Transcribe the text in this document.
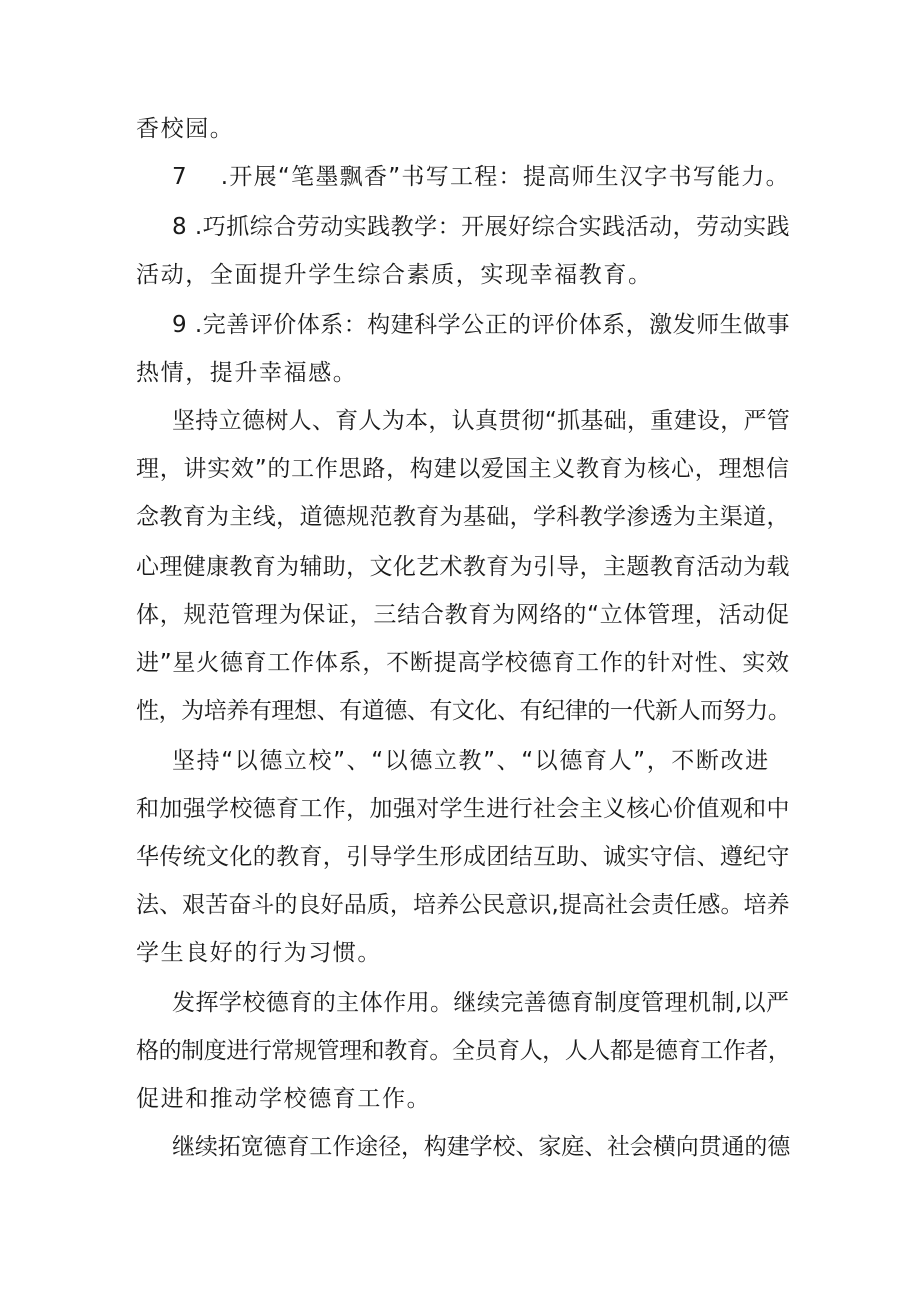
香校园。
7　 .开展“笔墨飘香”书写工程：提高师生汉字书写能力。
8 .巧抓综合劳动实践教学：开展好综合实践活动，劳动实践
活动，全面提升学生综合素质，实现幸福教育。
9 .完善评价体系：构建科学公正的评价体系，激发师生做事
热情，提升幸福感。
坚持立德树人、育人为本，认真贯彻“抓基础，重建设，严管
理，讲实效”的工作思路，构建以爱国主义教育为核心，理想信
念教育为主线，道德规范教育为基础，学科教学渗透为主渠道，
心理健康教育为辅助，文化艺术教育为引导，主题教育活动为载
体，规范管理为保证，三结合教育为网络的“立体管理，活动促
进”星火德育工作体系，不断提高学校德育工作的针对性、实效
性，为培养有理想、有道德、有文化、有纪律的一代新人而努力。
坚持“以德立校”、“以德立教”、“以德育人”，不断改进
和加强学校德育工作，加强对学生进行社会主义核心价值观和中
华传统文化的教育，引导学生形成团结互助、诚实守信、遵纪守
法、艰苦奋斗的良好品质，培养公民意识,提高社会责任感。培养
学生良好的行为习惯。
发挥学校德育的主体作用。继续完善德育制度管理机制,以严
格的制度进行常规管理和教育。全员育人，人人都是德育工作者，
促进和推动学校德育工作。
继续拓宽德育工作途径，构建学校、家庭、社会横向贯通的德
